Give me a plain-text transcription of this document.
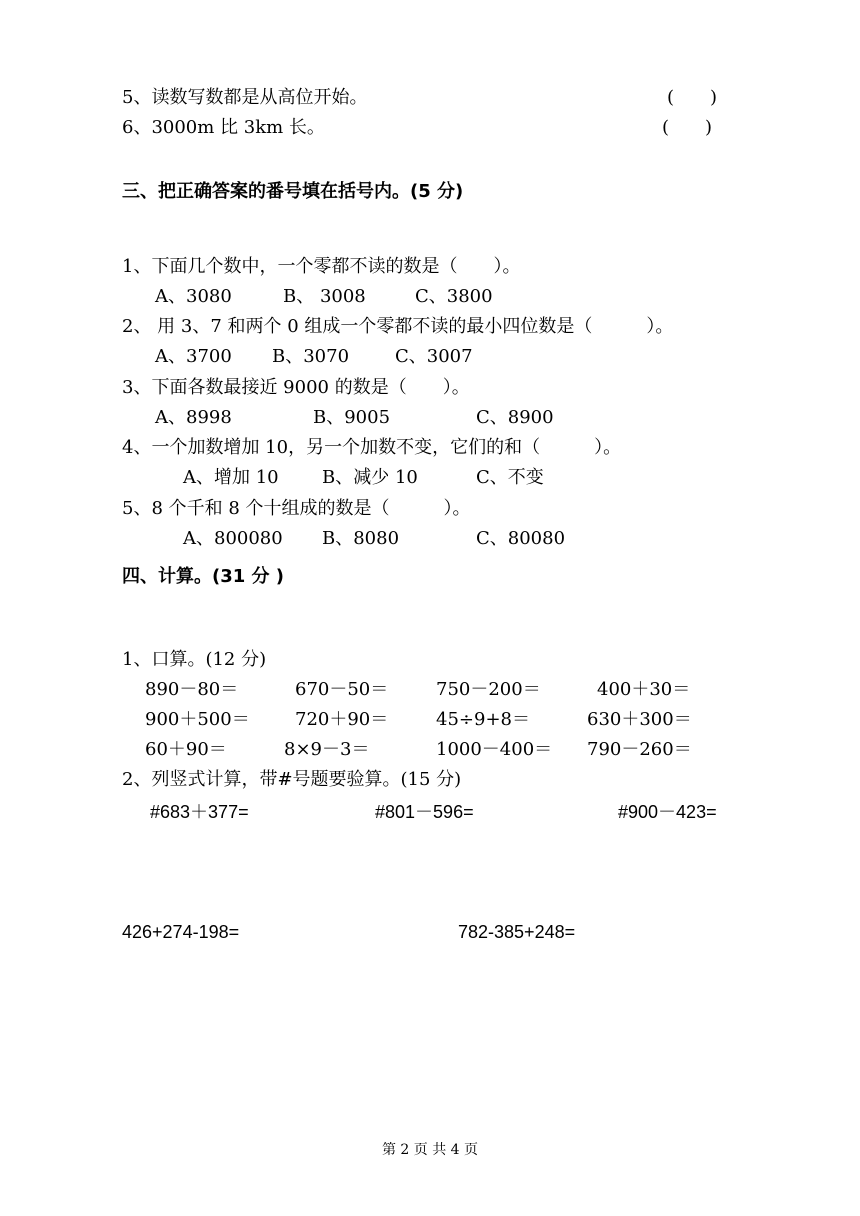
5、读数写数都是从高位开始。	(　　)
6、3000m 比 3km 长。	(　　)
三、把正确答案的番号填在括号内。(5 分)
1、下面几个数中，一个零都不读的数是（　　）。
A、3080	B、 3008	C、3800
2、 用 3、7 和两个 0 组成一个零都不读的最小四位数是（　　　）。
A、3700 B、3070	C、3007
3、下面各数最接近 9000 的数是（　　）。
A、8998	B、9005	C、8900
4、一个加数增加 10，另一个加数不变，它们的和（　　　）。
A、增加 10 B、减少 10	C、不变
5、8 个千和 8 个十组成的数是（　　　）。
A、800080 B、8080	C、80080
四、计算。(31 分 )
1、口算。(12 分)
890－80＝	670－50＝	750－200＝	400＋30＝
900＋500＝	720＋90＝	45÷9+8＝	630＋300＝
60＋90＝	8×9－3＝	1000－400＝ 790－260＝
2、列竖式计算，带#号题要验算。(15 分)
#683＋377=	#801－596=	#900－423=
426+274-198=	782-385+248=
第 2 页 共 4 页
